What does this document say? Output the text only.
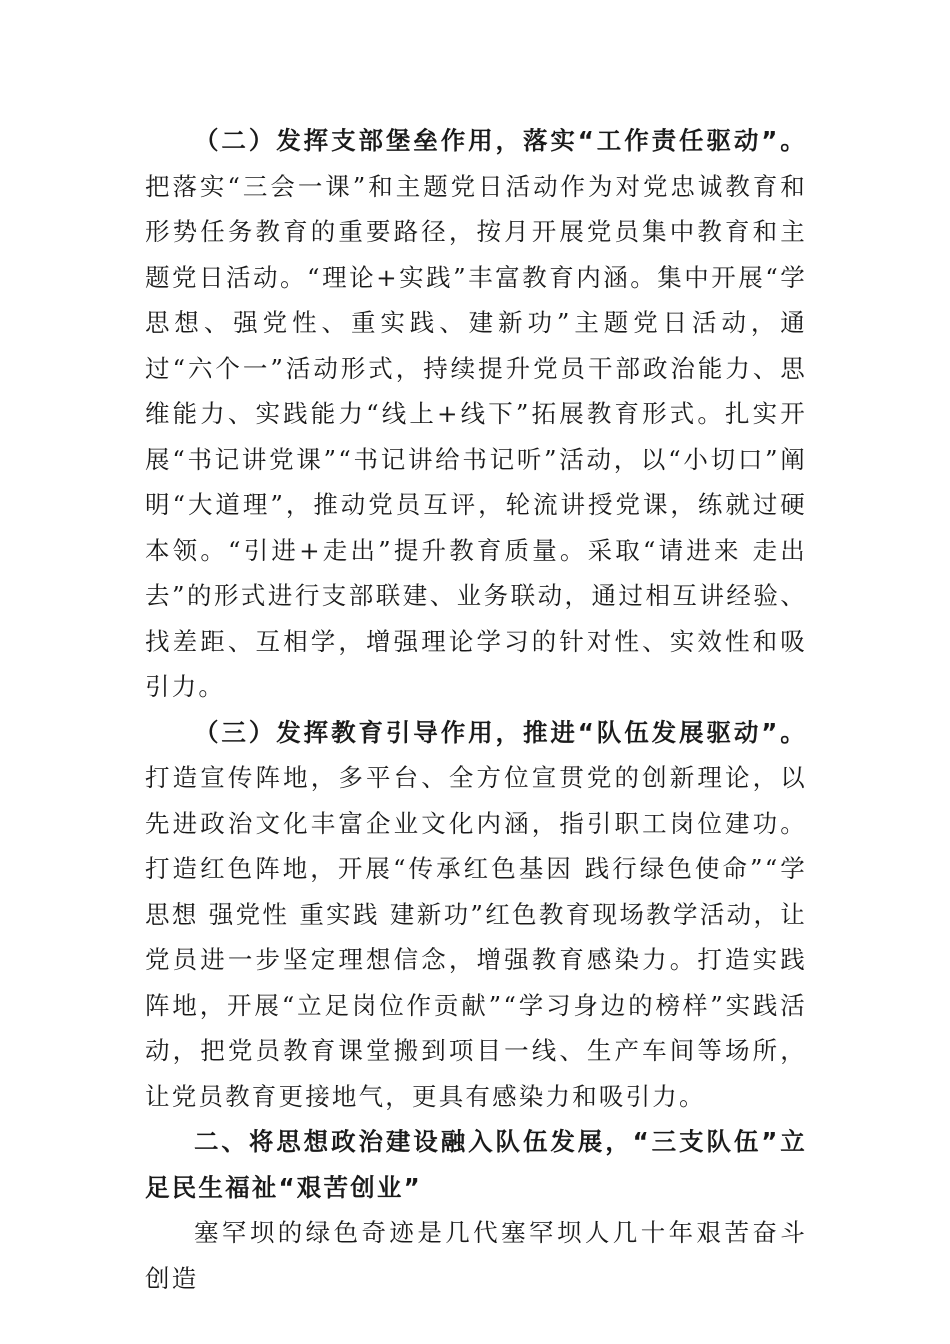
（二）发挥支部堡垒作用，落实“工作责任驱动”。把落实“三会一课”和主题党日活动作为对党忠诚教育和形势任务教育的重要路径，按月开展党员集中教育和主题党日活动。“理论+实践”丰富教育内涵。集中开展“学思想、强党性、重实践、建新功”主题党日活动，通过“六个一”活动形式，持续提升党员干部政治能力、思维能力、实践能力“线上+线下”拓展教育形式。扎实开展“书记讲党课”“书记讲给书记听”活动，以“小切口”阐明“大道理”，推动党员互评，轮流讲授党课，练就过硬本领。“引进+走出”提升教育质量。采取“请进来 走出去”的形式进行支部联建、业务联动，通过相互讲经验、找差距、互相学，增强理论学习的针对性、实效性和吸引力。

（三）发挥教育引导作用，推进“队伍发展驱动”。打造宣传阵地，多平台、全方位宣贯党的创新理论，以先进政治文化丰富企业文化内涵，指引职工岗位建功。打造红色阵地，开展“传承红色基因 践行绿色使命”“学思想 强党性 重实践 建新功”红色教育现场教学活动，让党员进一步坚定理想信念，增强教育感染力。打造实践阵地，开展“立足岗位作贡献”“学习身边的榜样”实践活动，把党员教育课堂搬到项目一线、生产车间等场所，让党员教育更接地气，更具有感染力和吸引力。

二、将思想政治建设融入队伍发展，“三支队伍”立足民生福祉“艰苦创业”

塞罕坝的绿色奇迹是几代塞罕坝人几十年艰苦奋斗创造
